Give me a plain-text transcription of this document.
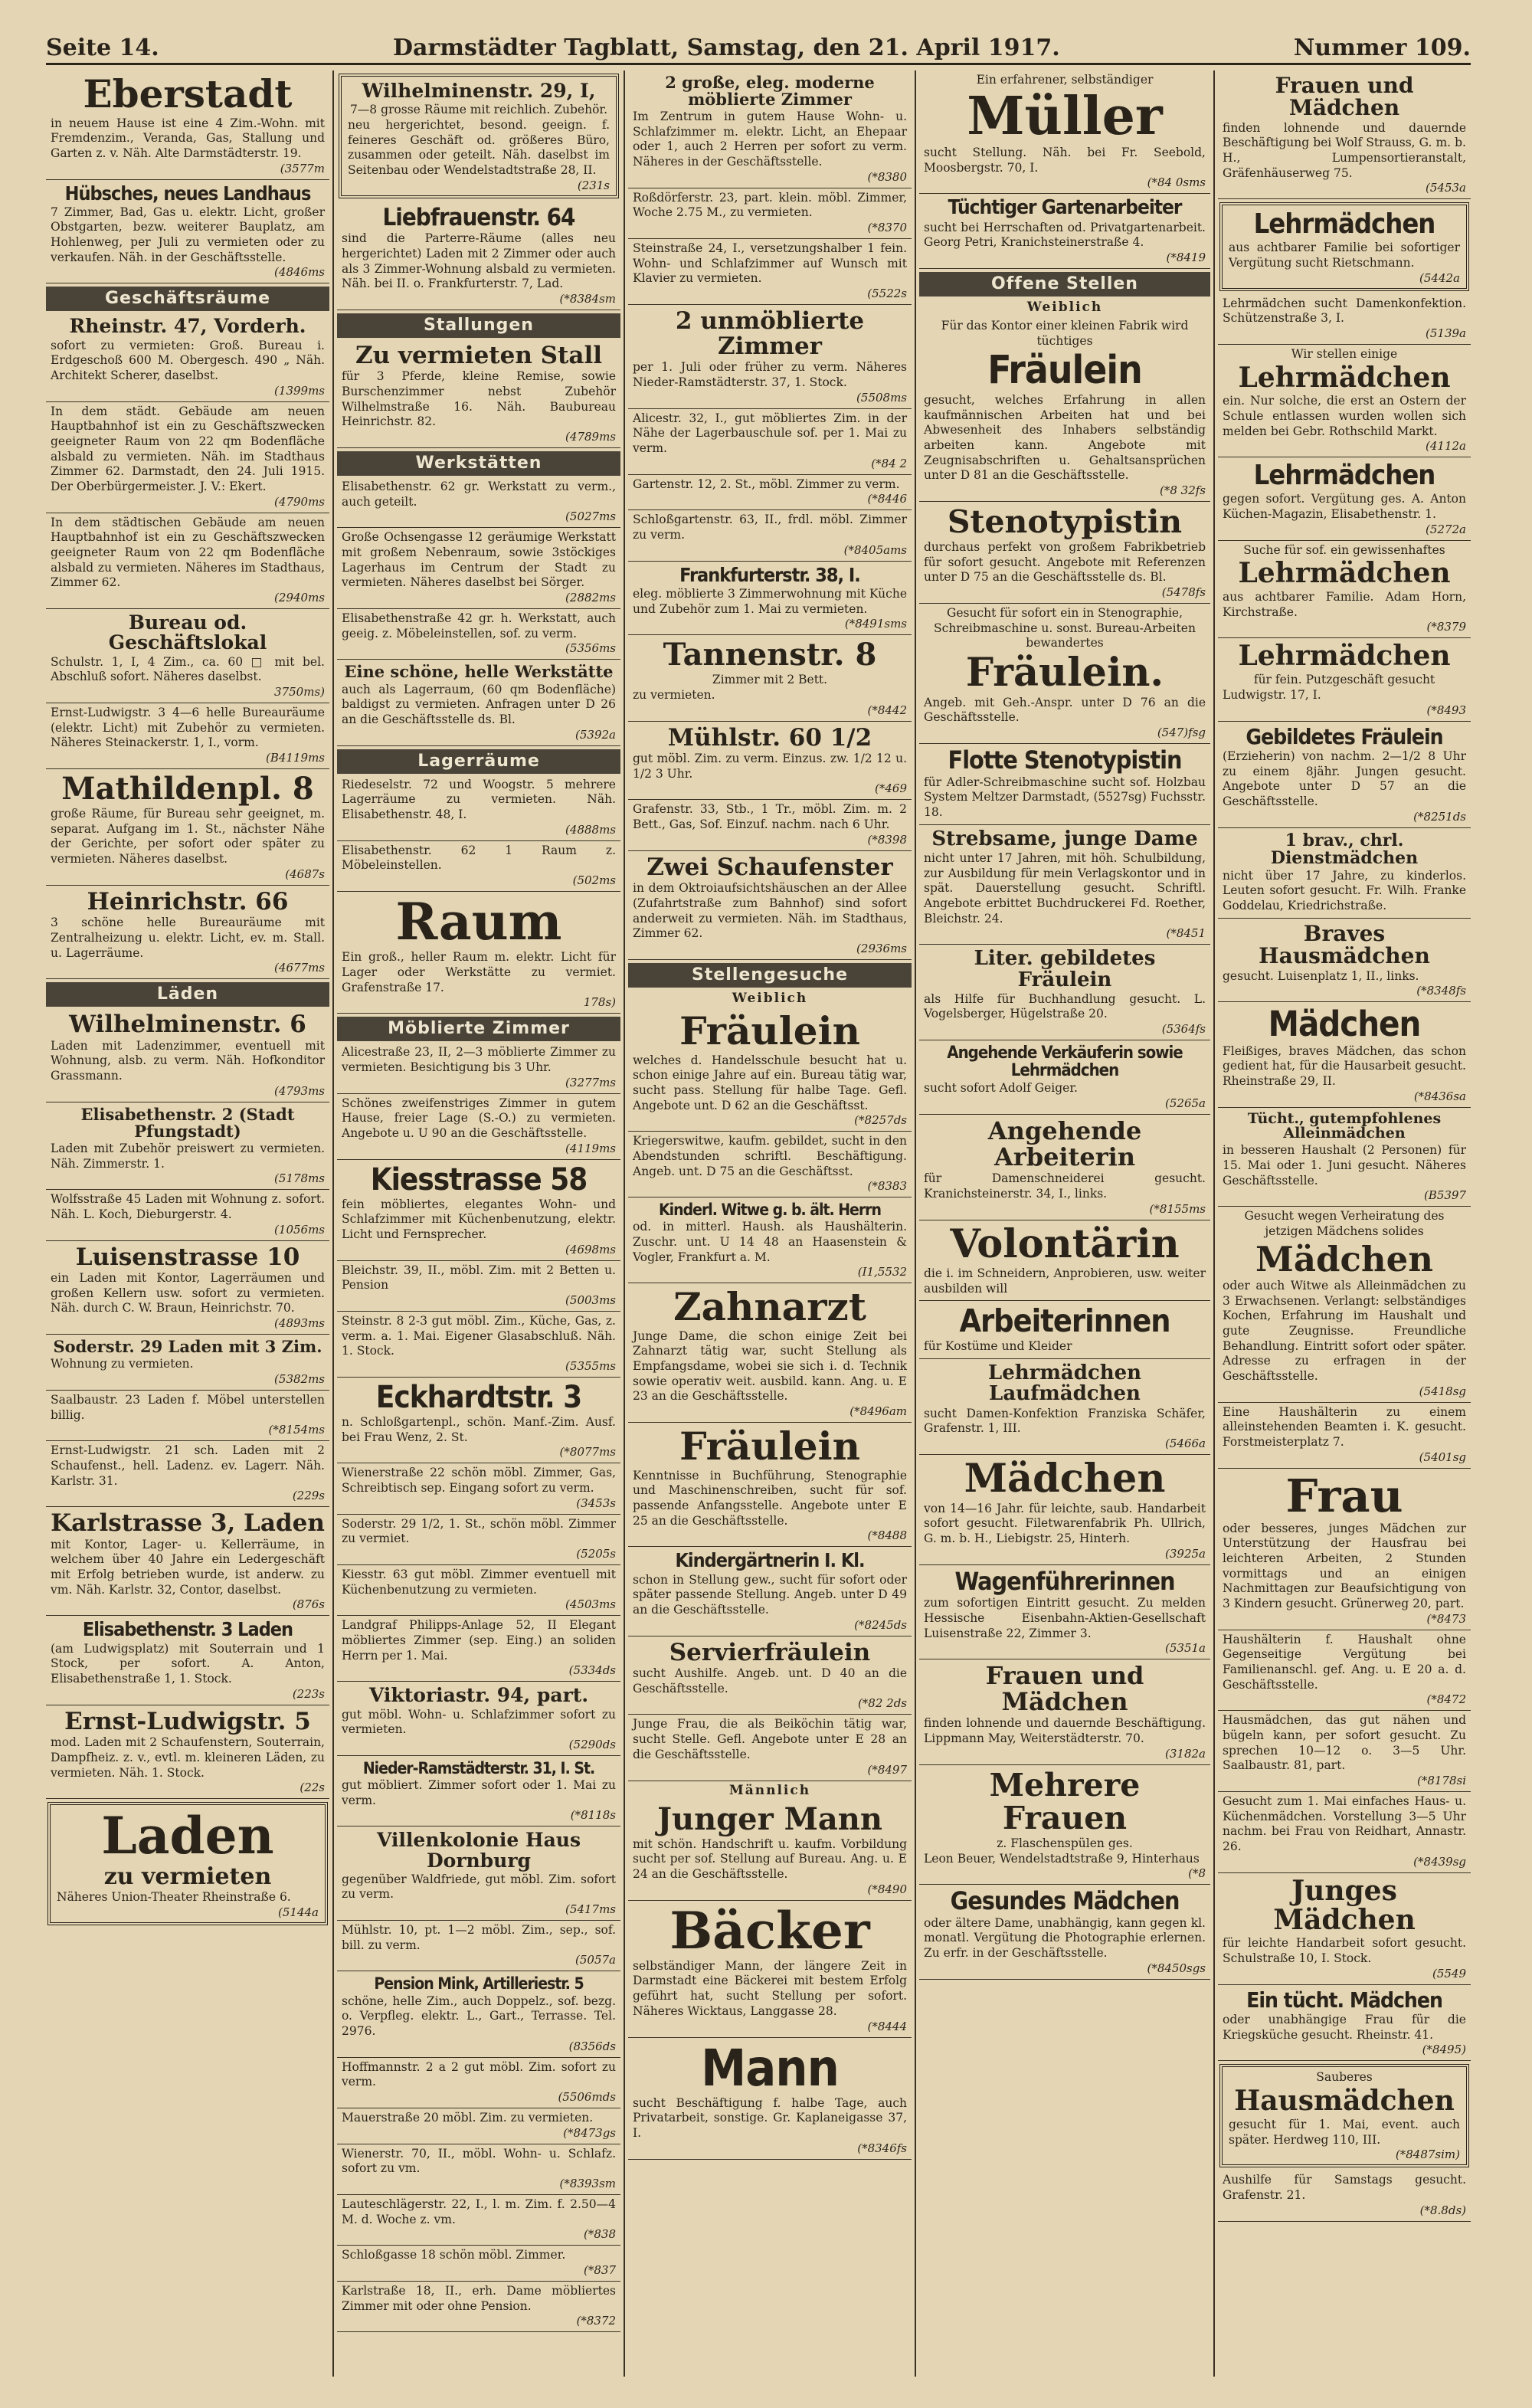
Seite 14.	Darmstädter Tagblatt, Samstag, den 21. April 1917.	Nummer 109.
Eberstadt
in neuem Hause ist eine 4 Zim.-Wohn. mit Fremdenzim., Veranda, Gas, Stallung und Garten z. v. Näh. Alte Darmstädterstr. 19.
(3577m
Hübsches, neues Landhaus
7 Zimmer, Bad, Gas u. elektr. Licht, großer Obstgarten, bezw. weiterer Bauplatz, am Hohlenweg, per Juli zu vermieten oder zu verkaufen. Näh. in der Geschäftsstelle.
(4846ms
Geschäftsräume
Rheinstr. 47, Vorderh.
sofort zu vermieten: Groß. Bureau i. Erdgeschoß 600 M. Obergesch. 490 „ Näh. Architekt Scherer, daselbst.
(1399ms
In dem städt. Gebäude am neuen Hauptbahnhof ist ein zu Geschäftszwecken geeigneter Raum von 22 qm Bodenfläche alsbald zu vermieten. Näh. im Stadthaus Zimmer 62. Darmstadt, den 24. Juli 1915. Der Oberbürgermeister. J. V.: Ekert.
(4790ms
In dem städtischen Gebäude am neuen Hauptbahnhof ist ein zu Geschäftszwecken geeigneter Raum von 22 qm Bodenfläche alsbald zu vermieten. Näheres im Stadthaus, Zimmer 62.
(2940ms
Bureau od. Geschäftslokal
Schulstr. 1, I, 4 Zim., ca. 60 □ mit bel. Abschluß sofort. Näheres daselbst.
3750ms)
Ernst-Ludwigstr. 3 4—6 helle Bureauräume (elektr. Licht) mit Zubehör zu vermieten. Näheres Steinackerstr. 1, I., vorm.
(B4119ms
Mathildenpl. 8
große Räume, für Bureau sehr geeignet, m. separat. Aufgang im 1. St., nächster Nähe der Gerichte, per sofort oder später zu vermieten. Näheres daselbst.
(4687s
Heinrichstr. 66
3 schöne helle Bureauräume mit Zentralheizung u. elektr. Licht, ev. m. Stall. u. Lagerräume.
(4677ms
Läden
Wilhelminenstr. 6
Laden mit Ladenzimmer, eventuell mit Wohnung, alsb. zu verm. Näh. Hofkonditor Grassmann.
(4793ms
Elisabethenstr. 2 (Stadt Pfungstadt)
Laden mit Zubehör preiswert zu vermieten. Näh. Zimmerstr. 1.
(5178ms
Wolfsstraße 45 Laden mit Wohnung z. sofort. Näh. L. Koch, Dieburgerstr. 4.
(1056ms
Luisenstrasse 10
ein Laden mit Kontor, Lagerräumen und großen Kellern usw. sofort zu vermieten. Näh. durch C. W. Braun, Heinrichstr. 70.
(4893ms
Soderstr. 29 Laden mit 3 Zim.
Wohnung zu vermieten.
(5382ms
Saalbaustr. 23 Laden f. Möbel unterstellen billig.
(*8154ms
Ernst-Ludwigstr. 21 sch. Laden mit 2 Schaufenst., hell. Ladenz. ev. Lagerr. Näh. Karlstr. 31.
(229s
Karlstrasse 3, Laden
mit Kontor, Lager- u. Kellerräume, in welchem über 40 Jahre ein Ledergeschäft mit Erfolg betrieben wurde, ist anderw. zu vm. Näh. Karlstr. 32, Contor, daselbst.
(876s
Elisabethenstr. 3 Laden
(am Ludwigsplatz) mit Souterrain und 1 Stock, per sofort. A. Anton, Elisabethenstraße 1, 1. Stock.
(223s
Ernst-Ludwigstr. 5
mod. Laden mit 2 Schaufenstern, Souterrain, Dampfheiz. z. v., evtl. m. kleineren Läden, zu vermieten. Näh. 1. Stock.
(22s
Laden
zu vermieten
Näheres Union-Theater Rheinstraße 6.
(5144a
Wilhelminenstr. 29, I,
7—8 grosse Räume mit reichlich. Zubehör.
neu hergerichtet, besond. geeign. f. feineres Geschäft od. größeres Büro, zusammen oder geteilt. Näh. daselbst im Seitenbau oder Wendelstadtstraße 28, II.
(231s
Liebfrauenstr. 64
sind die Parterre-Räume (alles neu hergerichtet) Laden mit 2 Zimmer oder auch als 3 Zimmer-Wohnung alsbald zu vermieten. Näh. bei II. o. Frankfurterstr. 7, Lad.
(*8384sm
Stallungen
Zu vermieten Stall
für 3 Pferde, kleine Remise, sowie Burschenzimmer nebst Zubehör Wilhelmstraße 16. Näh. Baubureau Heinrichstr. 82.
(4789ms
Werkstätten
Elisabethenstr. 62 gr. Werkstatt zu verm., auch geteilt.
(5027ms
Große Ochsengasse 12 geräumige Werkstatt mit großem Nebenraum, sowie 3stöckiges Lagerhaus im Centrum der Stadt zu vermieten. Näheres daselbst bei Sörger.
(2882ms
Elisabethenstraße 42 gr. h. Werkstatt, auch geeig. z. Möbeleinstellen, sof. zu verm.
(5356ms
Eine schöne, helle Werkstätte
auch als Lagerraum, (60 qm Bodenfläche) baldigst zu vermieten. Anfragen unter D 26 an die Geschäftsstelle ds. Bl.
(5392a
Lagerräume
Riedeselstr. 72 und Woogstr. 5 mehrere Lagerräume zu vermieten. Näh. Elisabethenstr. 48, I.
(4888ms
Elisabethenstr. 62 1 Raum z. Möbeleinstellen.
(502ms
Raum
Ein groß., heller Raum m. elektr. Licht für Lager oder Werkstätte zu vermiet. Grafenstraße 17.
178s)
Möblierte Zimmer
Alicestraße 23, II, 2—3 möblierte Zimmer zu vermieten. Besichtigung bis 3 Uhr.
(3277ms
Schönes zweifenstriges Zimmer in gutem Hause, freier Lage (S.-O.) zu vermieten. Angebote u. U 90 an die Geschäftsstelle.
(4119ms
Kiesstrasse 58
fein möbliertes, elegantes Wohn- und Schlafzimmer mit Küchenbenutzung, elektr. Licht und Fernsprecher.
(4698ms
Bleichstr. 39, II., möbl. Zim. mit 2 Betten u. Pension
(5003ms
Steinstr. 8 2-3 gut möbl. Zim., Küche, Gas, z. verm. a. 1. Mai. Eigener Glasabschluß. Näh. 1. Stock.
(5355ms
Eckhardtstr. 3
n. Schloßgartenpl., schön. Manf.-Zim. Ausf. bei Frau Wenz, 2. St.
(*8077ms
Wienerstraße 22 schön möbl. Zimmer, Gas, Schreibtisch sep. Eingang sofort zu verm.
(3453s
Soderstr. 29 1/2, 1. St., schön möbl. Zimmer zu vermiet.
(5205s
Kiesstr. 63 gut möbl. Zimmer eventuell mit Küchenbenutzung zu vermieten.
(4503ms
Landgraf Philipps-Anlage 52, II Elegant möbliertes Zimmer (sep. Eing.) an soliden Herrn per 1. Mai.
(5334ds
Viktoriastr. 94, part.
gut möbl. Wohn- u. Schlafzimmer sofort zu vermieten.
(5290ds
Nieder-Ramstädterstr. 31, I. St.
gut möbliert. Zimmer sofort oder 1. Mai zu verm.
(*8118s
Villenkolonie Haus Dornburg
gegenüber Waldfriede, gut möbl. Zim. sofort zu verm.
(5417ms
Mühlstr. 10, pt. 1—2 möbl. Zim., sep., sof. bill. zu verm.
(5057a
Pension Mink, Artilleriestr. 5
schöne, helle Zim., auch Doppelz., sof. bezg. o. Verpfleg. elektr. L., Gart., Terrasse. Tel. 2976.
(8356ds
Hoffmannstr. 2 a 2 gut möbl. Zim. sofort zu verm.
(5506mds
Mauerstraße 20 möbl. Zim. zu vermieten.
(*8473gs
Wienerstr. 70, II., möbl. Wohn- u. Schlafz. sofort zu vm.
(*8393sm
Lauteschlägerstr. 22, I., l. m. Zim. f. 2.50—4 M. d. Woche z. vm.
(*838
Schloßgasse 18 schön möbl. Zimmer.
(*837
Karlstraße 18, II., erh. Dame möbliertes Zimmer mit oder ohne Pension.
(*8372
2 große, eleg. moderne möblierte Zimmer
Im Zentrum in gutem Hause Wohn- u. Schlafzimmer m. elektr. Licht, an Ehepaar oder 1, auch 2 Herren per sofort zu verm. Näheres in der Geschäftsstelle.
(*8380
Roßdörferstr. 23, part. klein. möbl. Zimmer, Woche 2.75 M., zu vermieten.
(*8370
Steinstraße 24, I., versetzungshalber 1 fein. Wohn- und Schlafzimmer auf Wunsch mit Klavier zu vermieten.
(5522s
2 unmöblierte Zimmer
per 1. Juli oder früher zu verm. Näheres Nieder-Ramstädterstr. 37, 1. Stock.
(5508ms
Alicestr. 32, I., gut möbliertes Zim. in der Nähe der Lagerbauschule sof. per 1. Mai zu verm.
(*84 2
Gartenstr. 12, 2. St., möbl. Zimmer zu verm.
(*8446
Schloßgartenstr. 63, II., frdl. möbl. Zimmer zu verm.
(*8405ams
Frankfurterstr. 38, I.
eleg. möblierte 3 Zimmerwohnung mit Küche und Zubehör zum 1. Mai zu vermieten.
(*8491sms
Tannenstr. 8
Zimmer mit 2 Bett.
zu vermieten.
(*8442
Mühlstr. 60 1/2
gut möbl. Zim. zu verm. Einzus. zw. 1/2 12 u. 1/2 3 Uhr.
(*469
Grafenstr. 33, Stb., 1 Tr., möbl. Zim. m. 2 Bett., Gas, Sof. Einzuf. nachm. nach 6 Uhr.
(*8398
Zwei Schaufenster
in dem Oktroiaufsichtshäuschen an der Allee (Zufahrtstraße zum Bahnhof) sind sofort anderweit zu vermieten. Näh. im Stadthaus, Zimmer 62.
(2936ms
Stellengesuche
Weiblich
Fräulein
welches d. Handelsschule besucht hat u. schon einige Jahre auf ein. Bureau tätig war, sucht pass. Stellung für halbe Tage. Gefl. Angebote unt. D 62 an die Geschäftsst.
(*8257ds
Kriegerswitwe, kaufm. gebildet, sucht in den Abendstunden schriftl. Beschäftigung. Angeb. unt. D 75 an die Geschäftsst.
(*8383
Kinderl. Witwe g. b. ält. Herrn
od. in mitterl. Haush. als Haushälterin. Zuschr. unt. U 14 48 an Haasenstein & Vogler, Frankfurt a. M.
(I1,5532
Zahnarzt
Junge Dame, die schon einige Zeit bei Zahnarzt tätig war, sucht Stellung als Empfangsdame, wobei sie sich i. d. Technik sowie operativ weit. ausbild. kann. Ang. u. E 23 an die Geschäftsstelle.
(*8496am
Fräulein
Kenntnisse in Buchführung, Stenographie und Maschinenschreiben, sucht für sof. passende Anfangsstelle. Angebote unter E 25 an die Geschäftsstelle.
(*8488
Kindergärtnerin I. Kl.
schon in Stellung gew., sucht für sofort oder später passende Stellung. Angeb. unter D 49 an die Geschäftsstelle.
(*8245ds
Servierfräulein
sucht Aushilfe. Angeb. unt. D 40 an die Geschäftsstelle.
(*82 2ds
Junge Frau, die als Beiköchin tätig war, sucht Stelle. Gefl. Angebote unter E 28 an die Geschäftsstelle.
(*8497
Männlich
Junger Mann
mit schön. Handschrift u. kaufm. Vorbildung sucht per sof. Stellung auf Bureau. Ang. u. E 24 an die Geschäftsstelle.
(*8490
Bäcker
selbständiger Mann, der längere Zeit in Darmstadt eine Bäckerei mit bestem Erfolg geführt hat, sucht Stellung per sofort. Näheres Wicktaus, Langgasse 28.
(*8444
Mann
sucht Beschäftigung f. halbe Tage, auch Privatarbeit, sonstige. Gr. Kaplaneigasse 37, I.
(*8346fs
Ein erfahrener, selbständiger
Müller
sucht Stellung. Näh. bei Fr. Seebold, Moosbergstr. 70, I.
(*84 0sms
Tüchtiger Gartenarbeiter
sucht bei Herrschaften od. Privatgartenarbeit. Georg Petri, Kranichsteinerstraße 4.
(*8419
Offene Stellen
Weiblich
Für das Kontor einer kleinen Fabrik wird tüchtiges
Fräulein
gesucht, welches Erfahrung in allen kaufmännischen Arbeiten hat und bei Abwesenheit des Inhabers selbständig arbeiten kann. Angebote mit Zeugnisabschriften u. Gehaltsansprüchen unter D 81 an die Geschäftsstelle.
(*8 32fs
Stenotypistin
durchaus perfekt von großem Fabrikbetrieb für sofort gesucht. Angebote mit Referenzen unter D 75 an die Geschäftsstelle ds. Bl.
(5478fs
Gesucht für sofort ein in Stenographie, Schreibmaschine u. sonst. Bureau-Arbeiten bewandertes
Fräulein.
Angeb. mit Geh.-Anspr. unter D 76 an die Geschäftsstelle.
(547)fsg
Flotte Stenotypistin
für Adler-Schreibmaschine sucht sof. Holzbau System Meltzer Darmstadt, (5527sg) Fuchsstr. 18.
Strebsame, junge Dame
nicht unter 17 Jahren, mit höh. Schulbildung, zur Ausbildung für mein Verlagskontor und in spät. Dauerstellung gesucht. Schriftl. Angebote erbittet Buchdruckerei Fd. Roether, Bleichstr. 24.
(*8451
Liter. gebildetes Fräulein
als Hilfe für Buchhandlung gesucht. L. Vogelsberger, Hügelstraße 20.
(5364fs
Angehende Verkäuferin sowie Lehrmädchen
sucht sofort Adolf Geiger.
(5265a
Angehende Arbeiterin
für Damenschneiderei gesucht. Kranichsteinerstr. 34, I., links.
(*8155ms
Volontärin
die i. im Schneidern, Anprobieren, usw. weiter ausbilden will
Arbeiterinnen
für Kostüme und Kleider
Lehrmädchen Laufmädchen
sucht Damen-Konfektion Franziska Schäfer, Grafenstr. 1, III.
(5466a
Mädchen
von 14—16 Jahr. für leichte, saub. Handarbeit sofort gesucht. Filetwarenfabrik Ph. Ullrich, G. m. b. H., Liebigstr. 25, Hinterh.
(3925a
Wagenführerinnen
zum sofortigen Eintritt gesucht. Zu melden Hessische Eisenbahn-Aktien-Gesellschaft Luisenstraße 22, Zimmer 3.
(5351a
Frauen und Mädchen
finden lohnende und dauernde Beschäftigung. Lippmann May, Weiterstädterstr. 70.
(3182a
Mehrere Frauen
z. Flaschenspülen ges.
Leon Beuer, Wendelstadtstraße 9, Hinterhaus
(*8
Gesundes Mädchen
oder ältere Dame, unabhängig, kann gegen kl. monatl. Vergütung die Photographie erlernen. Zu erfr. in der Geschäftsstelle.
(*8450sgs
Frauen und Mädchen
finden lohnende und dauernde Beschäftigung bei Wolf Strauss, G. m. b. H., Lumpensortieranstalt, Gräfenhäuserweg 75.
(5453a
Lehrmädchen
aus achtbarer Familie bei sofortiger Vergütung sucht Rietschmann.
(5442a
Lehrmädchen sucht Damenkonfektion. Schützenstraße 3, I.
(5139a
Wir stellen einige
Lehrmädchen
ein. Nur solche, die erst an Ostern der Schule entlassen wurden wollen sich melden bei Gebr. Rothschild Markt.
(4112a
Lehrmädchen
gegen sofort. Vergütung ges. A. Anton Küchen-Magazin, Elisabethenstr. 1.
(5272a
Suche für sof. ein gewissenhaftes
Lehrmädchen
aus achtbarer Familie. Adam Horn, Kirchstraße.
(*8379
Lehrmädchen
für fein. Putzgeschäft gesucht
Ludwigstr. 17, I.
(*8493
Gebildetes Fräulein
(Erzieherin) von nachm. 2—1/2 8 Uhr zu einem 8jähr. Jungen gesucht. Angebote unter D 57 an die Geschäftsstelle.
(*8251ds
1 brav., chrl. Dienstmädchen
nicht über 17 Jahre, zu kinderlos. Leuten sofort gesucht. Fr. Wilh. Franke Goddelau, Kriedrichstraße.
Braves Hausmädchen
gesucht. Luisenplatz 1, II., links.
(*8348fs
Mädchen
Fleißiges, braves Mädchen, das schon gedient hat, für die Hausarbeit gesucht. Rheinstraße 29, II.
(*8436sa
Tücht., gutempfohlenes Alleinmädchen
in besseren Haushalt (2 Personen) für 15. Mai oder 1. Juni gesucht. Näheres Geschäftsstelle.
(B5397
Gesucht wegen Verheiratung des jetzigen Mädchens solides
Mädchen
oder auch Witwe als Alleinmädchen zu 3 Erwachsenen. Verlangt: selbständiges Kochen, Erfahrung im Haushalt und gute Zeugnisse. Freundliche Behandlung. Eintritt sofort oder später. Adresse zu erfragen in der Geschäftsstelle.
(5418sg
Eine Haushälterin zu einem alleinstehenden Beamten i. K. gesucht. Forstmeisterplatz 7.
(5401sg
Frau
oder besseres, junges Mädchen zur Unterstützung der Hausfrau bei leichteren Arbeiten, 2 Stunden vormittags und an einigen Nachmittagen zur Beaufsichtigung von 3 Kindern gesucht. Grünerweg 20, part.
(*8473
Haushälterin f. Haushalt ohne Gegenseitige Vergütung bei Familienanschl. gef. Ang. u. E 20 a. d. Geschäftsstelle.
(*8472
Hausmädchen, das gut nähen und bügeln kann, per sofort gesucht. Zu sprechen 10—12 o. 3—5 Uhr. Saalbaustr. 81, part.
(*8178si
Gesucht zum 1. Mai einfaches Haus- u. Küchenmädchen. Vorstellung 3—5 Uhr nachm. bei Frau von Reidhart, Annastr. 26.
(*8439sg
Junges Mädchen
für leichte Handarbeit sofort gesucht. Schulstraße 10, I. Stock.
(5549
Ein tücht. Mädchen
oder unabhängige Frau für die Kriegsküche gesucht. Rheinstr. 41.
(*8495)
Sauberes
Hausmädchen
gesucht für 1. Mai, event. auch später. Herdweg 110, III.
(*8487sim)
Aushilfe für Samstags gesucht. Grafenstr. 21.
(*8.8ds)
